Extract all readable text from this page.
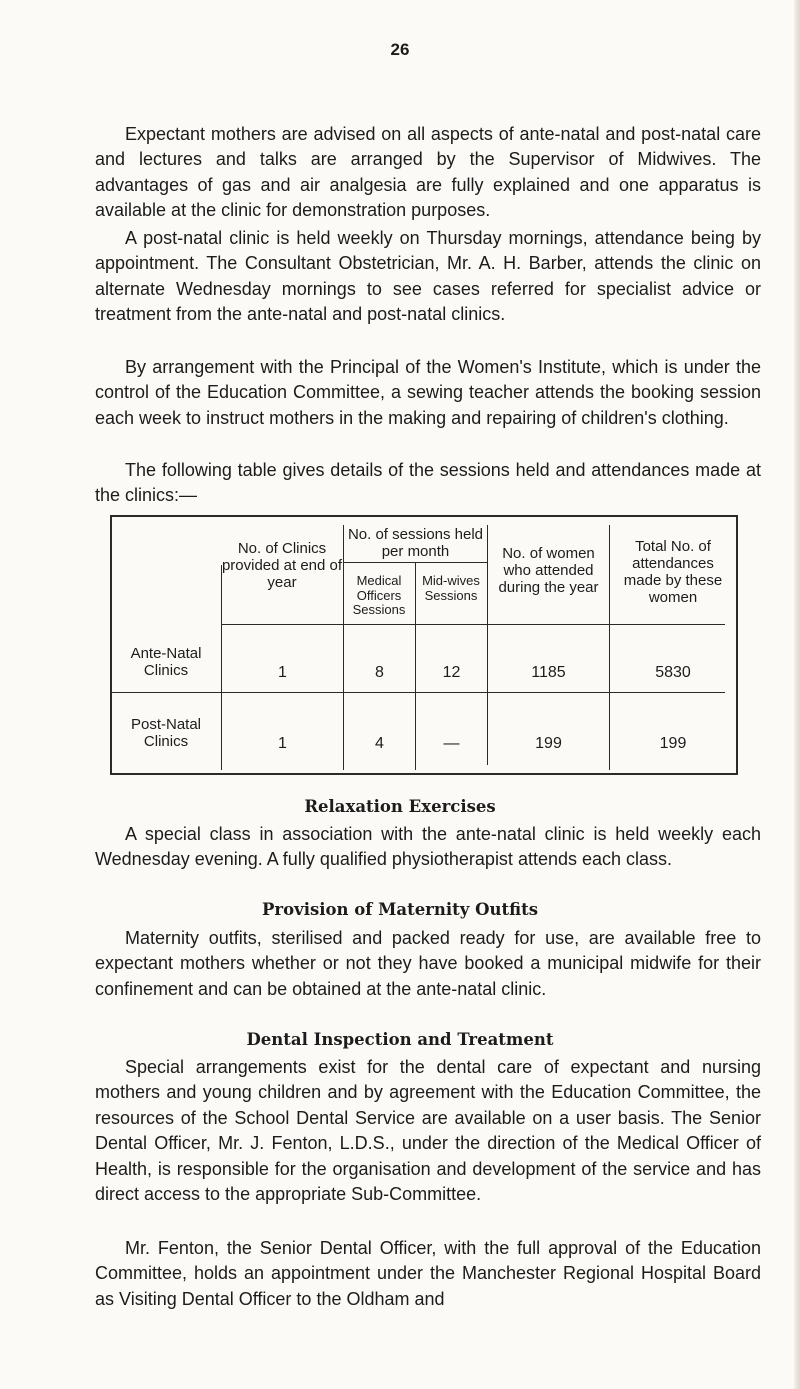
26

Expectant mothers are advised on all aspects of ante-natal and post-natal care and lectures and talks are arranged by the Supervisor of Midwives. The advantages of gas and air analgesia are fully explained and one apparatus is available at the clinic for demonstration purposes.

A post-natal clinic is held weekly on Thursday mornings, attendance being by appointment. The Consultant Obstetrician, Mr. A. H. Barber, attends the clinic on alternate Wednesday mornings to see cases referred for specialist advice or treatment from the ante-natal and post-natal clinics.

By arrangement with the Principal of the Women's Institute, which is under the control of the Education Committee, a sewing teacher attends the booking session each week to instruct mothers in the making and repairing of children's clothing.

The following table gives details of the sessions held and attendances made at the clinics:—

No. of Clinics provided at end of year
No. of sessions held per month
Medical Officers Sessions
Mid-wives Sessions
No. of women who attended during the year
Total No. of attendances made by these women
Ante-Natal Clinics	1	8	12	1185	5830
Post-Natal Clinics	1	4	—	199	199
Relaxation Exercises

A special class in association with the ante-natal clinic is held weekly each Wednesday evening. A fully qualified physiotherapist attends each class.

Provision of Maternity Outfits

Maternity outfits, sterilised and packed ready for use, are available free to expectant mothers whether or not they have booked a municipal midwife for their confinement and can be obtained at the ante-natal clinic.

Dental Inspection and Treatment

Special arrangements exist for the dental care of expectant and nursing mothers and young children and by agreement with the Education Committee, the resources of the School Dental Service are available on a user basis. The Senior Dental Officer, Mr. J. Fenton, L.D.S., under the direction of the Medical Officer of Health, is responsible for the organisation and development of the service and has direct access to the appropriate Sub-Committee.

Mr. Fenton, the Senior Dental Officer, with the full approval of the Education Committee, holds an appointment under the Manchester Regional Hospital Board as Visiting Dental Officer to the Oldham and
